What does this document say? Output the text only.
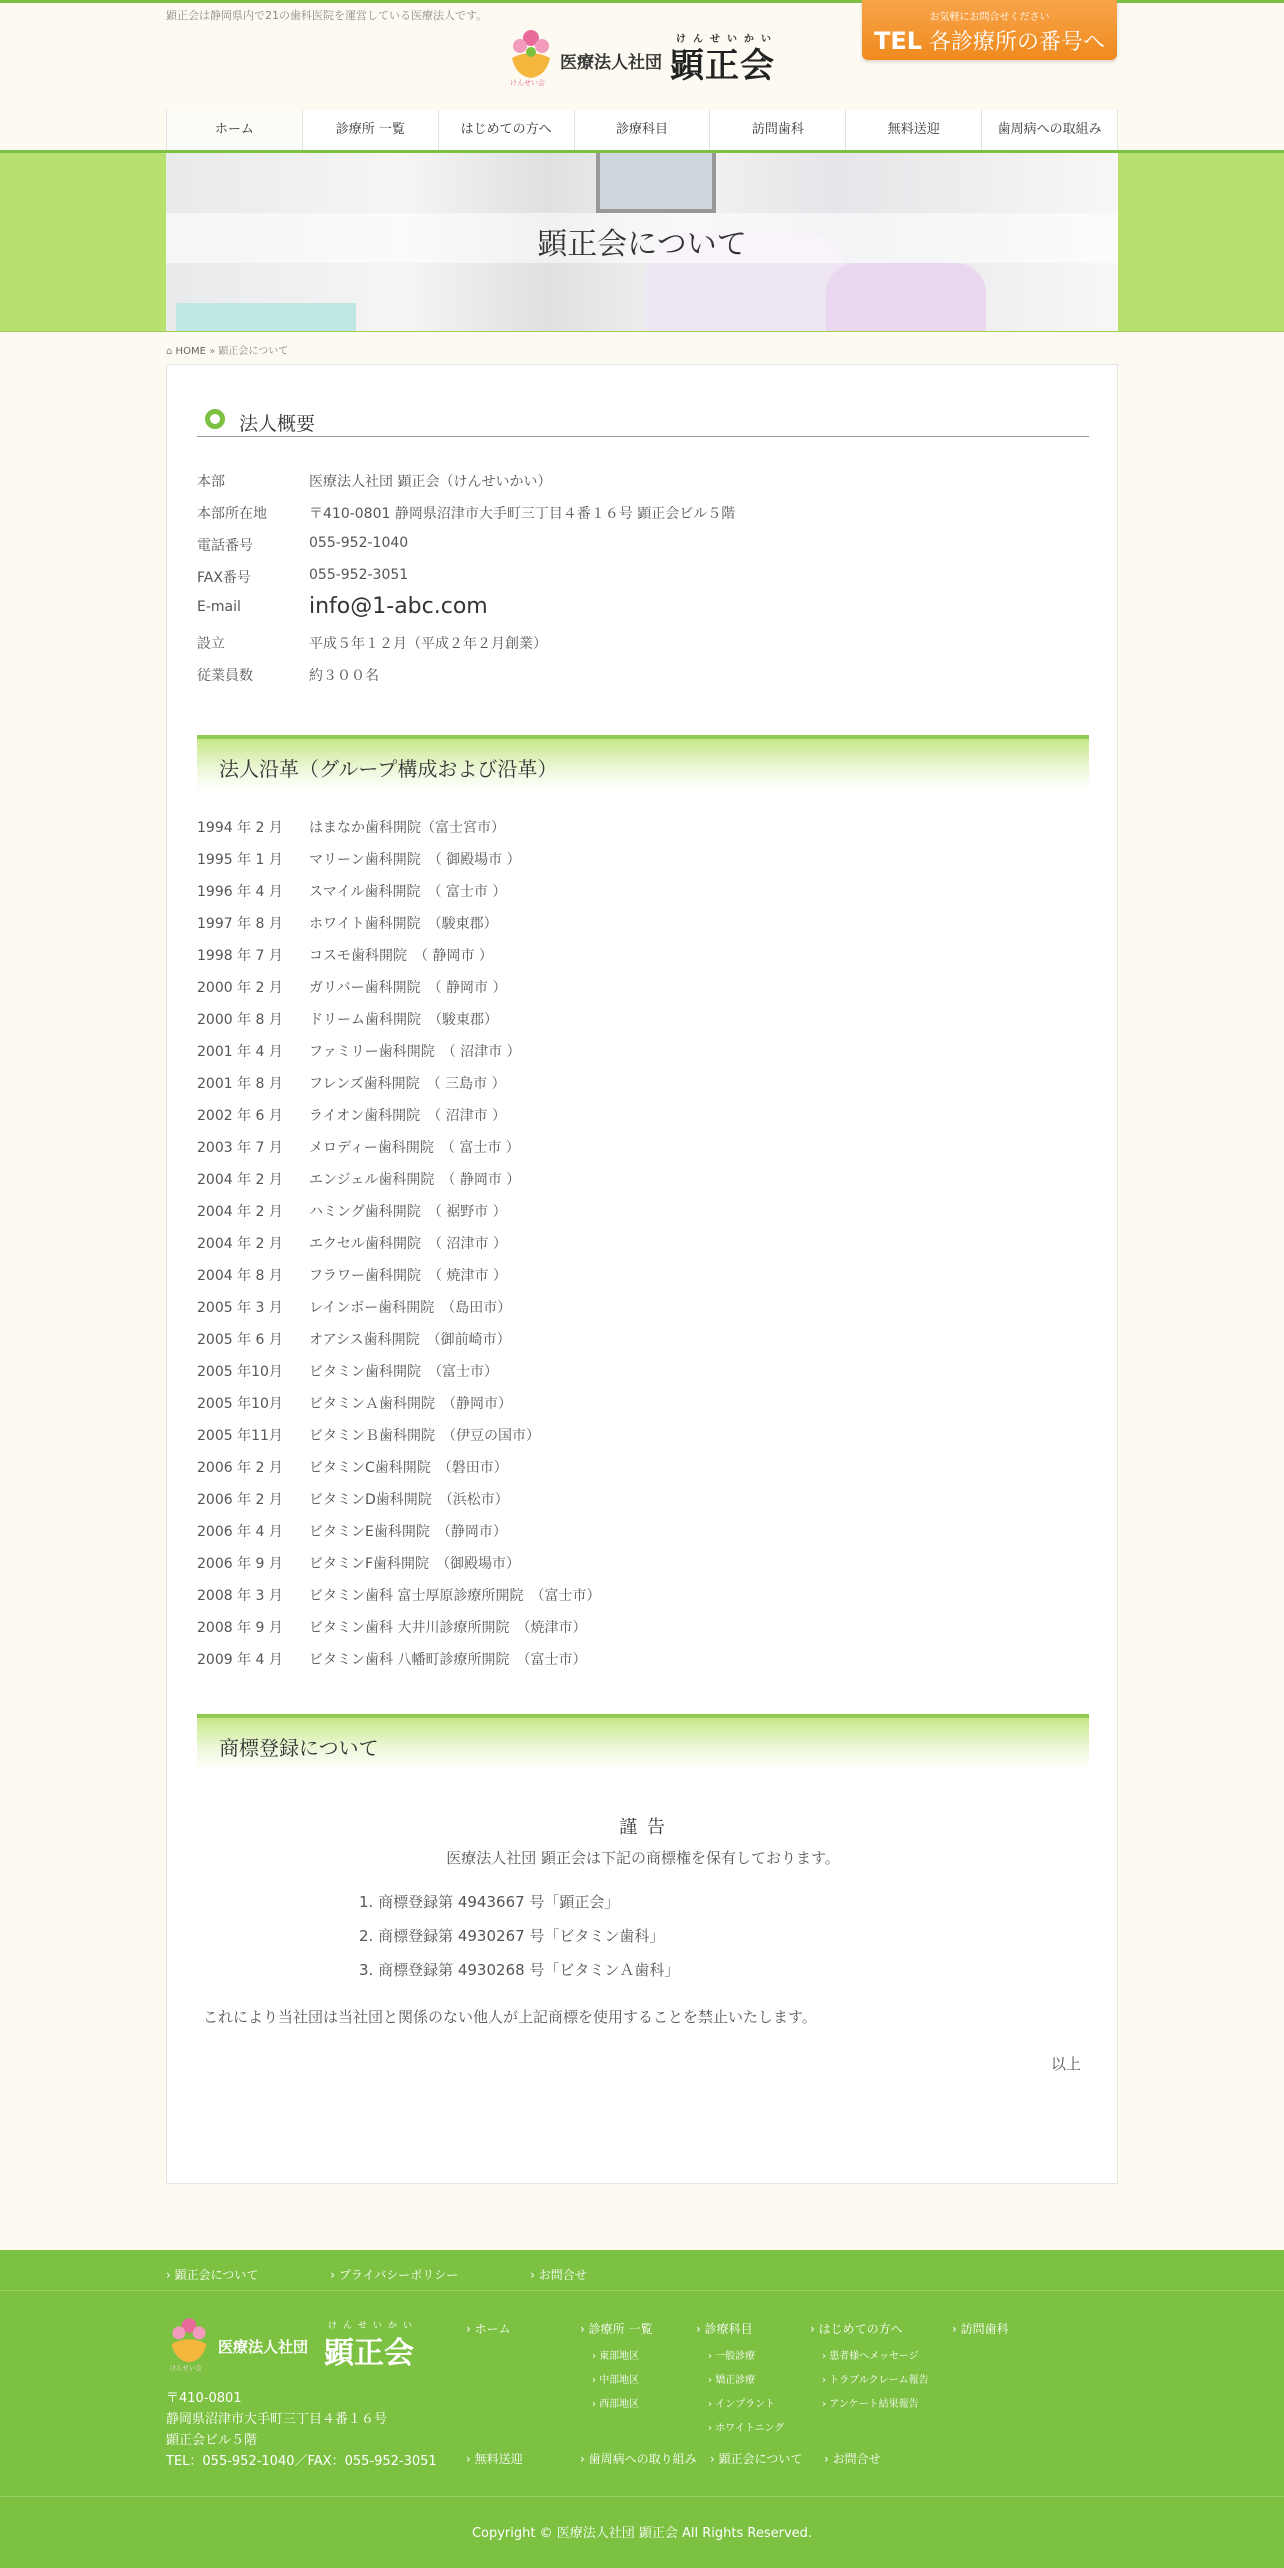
顕正会は静岡県内で21の歯科医院を運営している医療法人です。
けんせい会
医療法人社団
けんせいかい
顕正会
お気軽にお問合せください
TEL 各診療所の番号へ
ホーム	診療所 一覧	はじめての方へ	診療科目	訪問歯科	無料送迎	歯周病への取組み
顕正会について
⌂ HOME » 顕正会について
法人概要
本部	医療法人社団 顕正会（けんせいかい）
本部所在地	〒410-0801 静岡県沼津市大手町三丁目４番１６号 顕正会ビル５階
電話番号	055-952-1040
FAX番号	055-952-3051
E-mail	info@1-abc.com
設立	平成５年１２月（平成２年２月創業）
従業員数	約３００名
法人沿革（グループ構成および沿革）
1994 年 2 月	はまなか歯科開院（富士宮市）
1995 年 1 月	マリーン歯科開院　（ 御殿場市 ）
1996 年 4 月	スマイル歯科開院　（ 富士市 ）
1997 年 8 月	ホワイト歯科開院　（駿東郡）
1998 年 7 月	コスモ歯科開院　（ 静岡市 ）
2000 年 2 月	ガリバー歯科開院　（ 静岡市 ）
2000 年 8 月	ドリーム歯科開院　（駿東郡）
2001 年 4 月	ファミリー歯科開院　（ 沼津市 ）
2001 年 8 月	フレンズ歯科開院　（ 三島市 ）
2002 年 6 月	ライオン歯科開院　（ 沼津市 ）
2003 年 7 月	メロディー歯科開院　（ 富士市 ）
2004 年 2 月	エンジェル歯科開院　（ 静岡市 ）
2004 年 2 月	ハミング歯科開院　（ 裾野市 ）
2004 年 2 月	エクセル歯科開院　（ 沼津市 ）
2004 年 8 月	フラワー歯科開院　（ 焼津市 ）
2005 年 3 月	レインボー歯科開院　（島田市）
2005 年 6 月	オアシス歯科開院　（御前崎市）
2005 年10月	ビタミン歯科開院　（富士市）
2005 年10月	ビタミンＡ歯科開院　（静岡市）
2005 年11月	ビタミンＢ歯科開院　（伊豆の国市）
2006 年 2 月	ビタミンC歯科開院　（磐田市）
2006 年 2 月	ビタミンD歯科開院　（浜松市）
2006 年 4 月	ビタミンE歯科開院　（静岡市）
2006 年 9 月	ビタミンF歯科開院　（御殿場市）
2008 年 3 月	ビタミン歯科 富士厚原診療所開院　（富士市）
2008 年 9 月	ビタミン歯科 大井川診療所開院　（焼津市）
2009 年 4 月	ビタミン歯科 八幡町診療所開院　（富士市）
商標登録について
謹 告
医療法人社団 顕正会は下記の商標権を保有しております。
1. 商標登録第 4943667 号「顕正会」
2. 商標登録第 4930267 号「ビタミン歯科」
3. 商標登録第 4930268 号「ビタミンＡ歯科」
これにより当社団は当社団と関係のない他人が上記商標を使用することを禁止いたします。
以上
› 顕正会について	› プライバシーポリシー	› お問合せ
けんせい会
医療法人社団
けんせいかい
顕正会
〒410-0801
静岡県沼津市大手町三丁目４番１６号
顕正会ビル５階
TEL：055-952-1040／FAX：055-952-3051
› ホーム	› 診療所 一覧
› 東部地区
› 中部地区
› 西部地区
› 診療科目
› 一般診療
› 矯正診療
› インプラント
› ホワイトニング
› はじめての方へ
› 患者様へメッセージ
› トラブルクレーム報告
› アンケート結果報告
› 訪問歯科
› 無料送迎	› 歯周病への取り組み › 顕正会について › お問合せ
Copyright © 医療法人社団 顕正会 All Rights Reserved.
